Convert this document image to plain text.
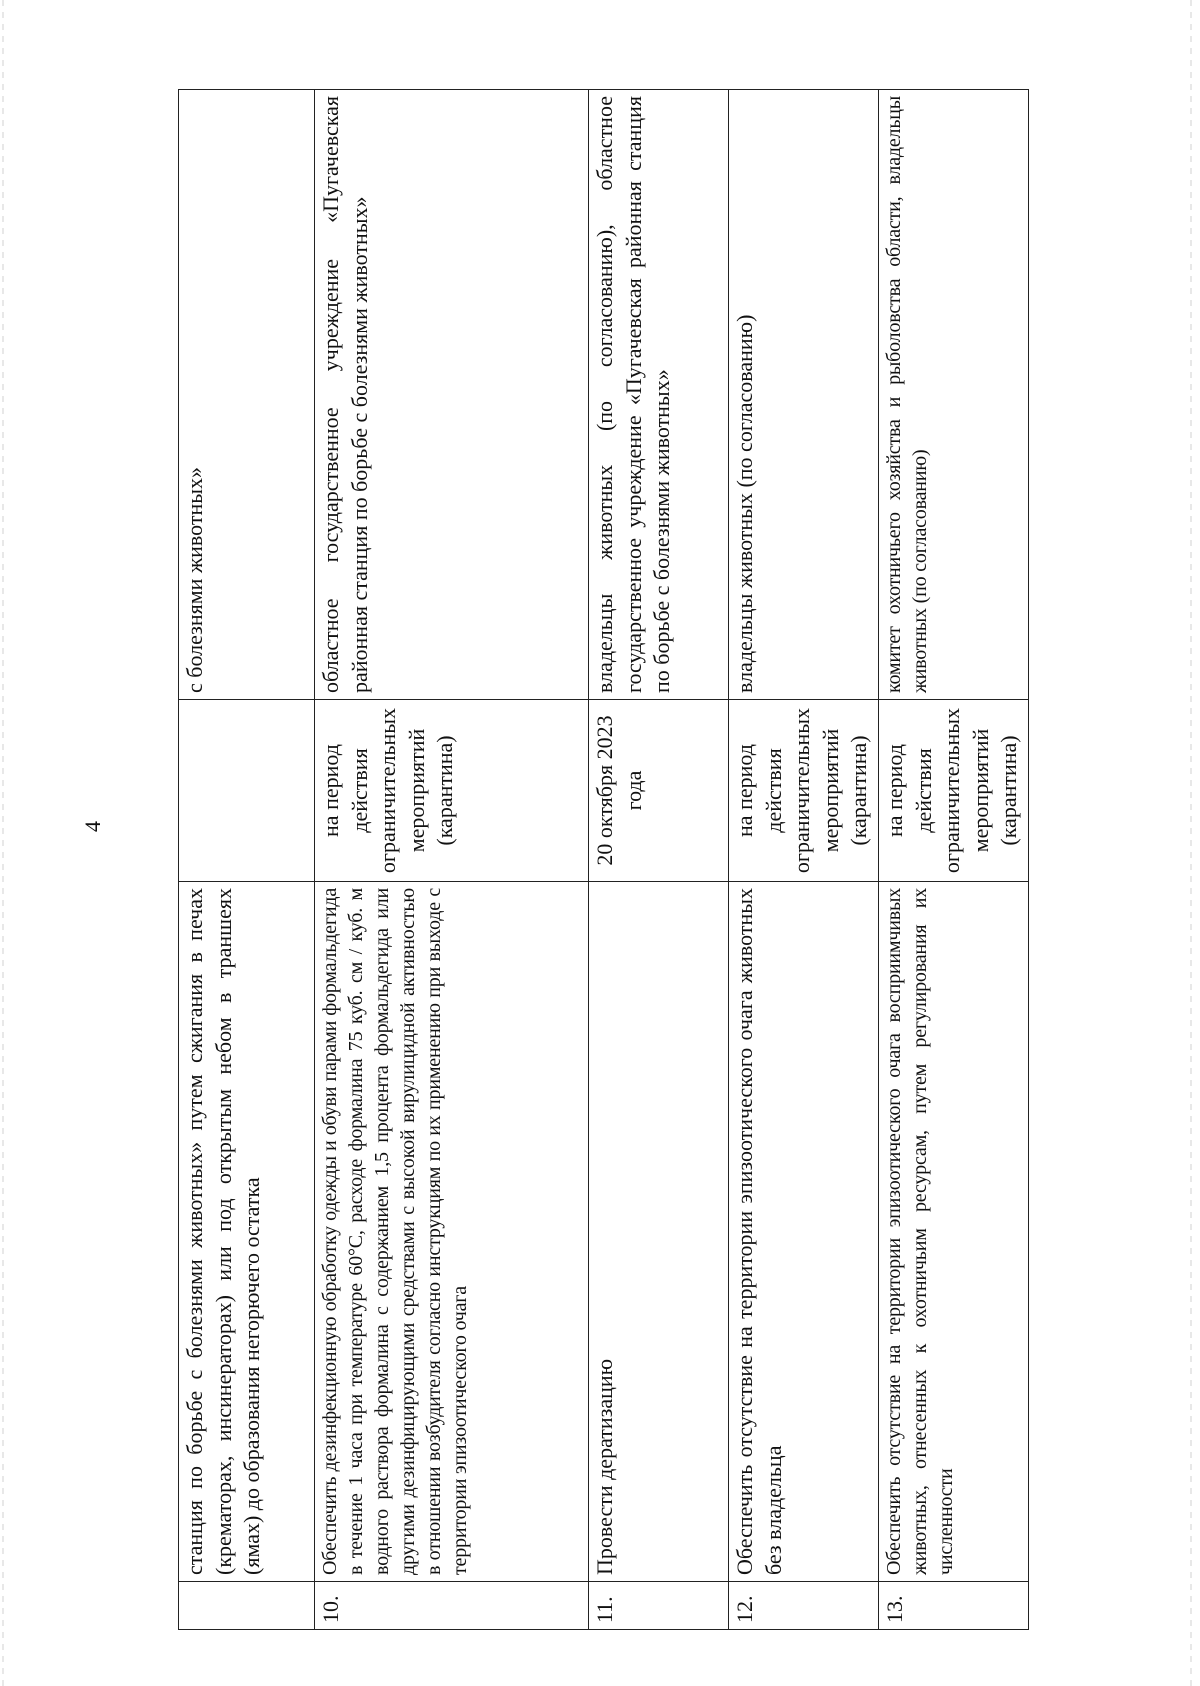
4
	станция по борьбе с болезнями животных» путем сжигания в печах (крематорах, инсинераторах) или под открытым небом в траншеях (ямах) до образования негорючего остатка		с болезнями животных»
10.	Обеспечить дезинфекционную обработку одежды и обуви парами формальдегида в течение 1 часа при температуре 60°С, расходе формалина 75 куб. см / куб. м водного раствора формалина с содержанием 1,5 процента формальдегида или другими дезинфицирующими средствами с высокой вирулицидной активностью в отношении возбудителя согласно инструкциям по их применению при выходе с территории эпизоотического очага	на период действия ограничительных мероприятий (карантина)	областное государственное учреждение «Пугачевская районная станция по борьбе с болезнями животных»
11.	Провести дератизацию	20 октября 2023 года	владельцы животных (по согласованию), областное государственное учреждение «Пугачевская районная станция по борьбе с болезнями животных»
12.	Обеспечить отсутствие на территории эпизоотического очага животных без владельца	на период действия ограничительных мероприятий (карантина)	владельцы животных (по согласованию)
13.	Обеспечить отсутствие на территории эпизоотического очага восприимчивых животных, отнесенных к охотничьим ресурсам, путем регулирования их численности	на период действия ограничительных мероприятий (карантина)	комитет охотничьего хозяйства и рыболовства области, владельцы животных (по согласованию)
